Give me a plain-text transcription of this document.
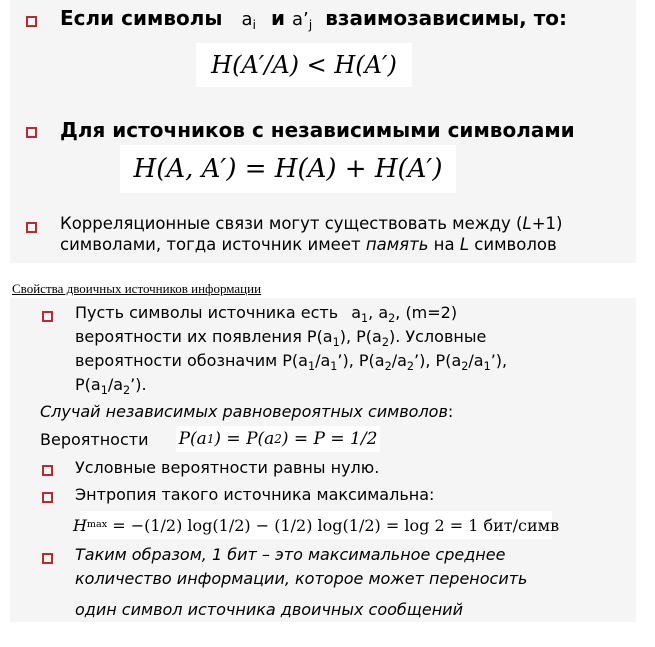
Если символы $a_i$ и $a’_j$ взаимозависимы, то:
H(A′/A) < H(A′)
Для источников с независимыми символами
H(A, A′) = H(A) + H(A′)
Корреляционные связи могут существовать между (L+1)
символами, тогда источник имеет память на L символов
Свойства двоичных источников информации
Пусть символы источника есть $a_1$, $a_2$, (m=2)
вероятности их появления $P(a_1)$, $P(a_2)$. Условные
вероятности обозначим $P(a_1/a_1’)$, $P(a_2/a_2’)$, $P(a_2/a_1’)$,
$P(a_1/a_2’)$.
Случай независимых равновероятных символов:
Вероятности P(a 1 ) = P(a 2 ) = P = 1/2
Условные вероятности равны нулю.
Энтропия такого источника максимальна:
H max = −(1/2) log(1/2) − (1/2) log(1/2) = log 2 = 1 бит/симв
Таким образом, 1 бит – это максимальное среднее
количество информации, которое может переносить
один символ источника двоичных сообщений
